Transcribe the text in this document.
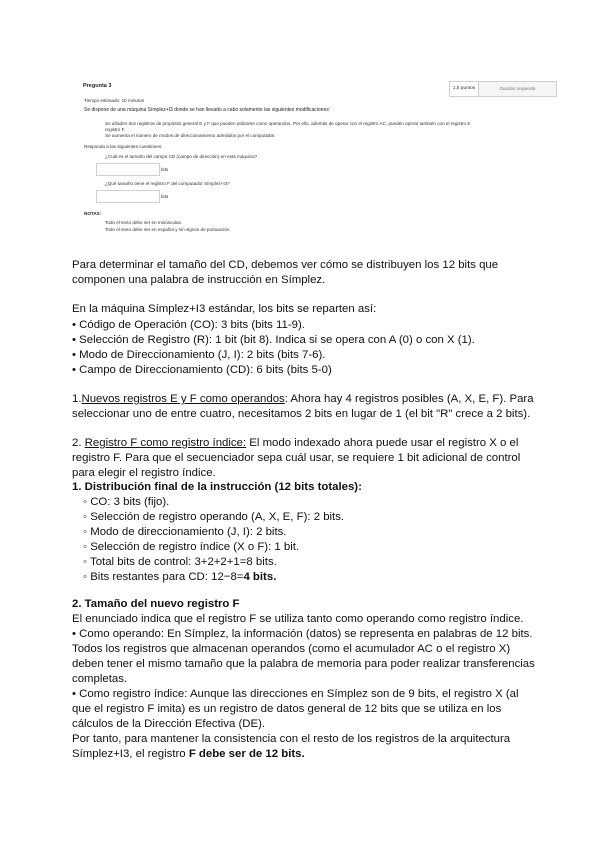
Pregunta 3	1,5 puntos	Guardar respuesta
Tiempo estimado: 10 minutos
Se dispone de una máquina Símplez+I3 donde se han llevado a cabo solamente las siguientes modificaciones:
Se añaden dos registros de propósito general E y F que pueden utilizarse como operandos. Por ello, además de operar con el registro AC, pueden operar también con el registro E
registro F.
Se aumenta el número de modos de direccionamiento admitidos por el computador.
Responda a las siguientes cuestiones:
¿Cuál es el tamaño del campo CD (campo de dirección) en esta máquina?
bits
¿Qué tamaño tiene el registro F del computador Símplez+I3?
bits
NOTAS:
Todo el texto debe ser en minúsculas.
Todo el texto debe ser en español y sin signos de puntuación.
Para determinar el tamaño del CD, debemos ver cómo se distribuyen los 12 bits que
componen una palabra de instrucción en Símplez.
En la máquina Símplez+I3 estándar, los bits se reparten así:
• Código de Operación (CO): 3 bits (bits 11-9).
• Selección de Registro (R): 1 bit (bit 8). Indica si se opera con A (0) o con X (1).
• Modo de Direccionamiento (J, I): 2 bits (bits 7-6).
• Campo de Direccionamiento (CD): 6 bits (bits 5-0)
1.Nuevos registros E y F como operandos: Ahora hay 4 registros posibles (A, X, E, F). Para
seleccionar uno de entre cuatro, necesitamos 2 bits en lugar de 1 (el bit "R" crece a 2 bits).
2. Registro F como registro índice: El modo indexado ahora puede usar el registro X o el
registro F. Para que el secuenciador sepa cuál usar, se requiere 1 bit adicional de control
para elegir el registro índice.
1. Distribución final de la instrucción (12 bits totales):
◦ CO: 3 bits (fijo).
◦ Selección de registro operando (A, X, E, F): 2 bits.
◦ Modo de direccionamiento (J, I): 2 bits.
◦ Selección de registro índice (X o F): 1 bit.
◦ Total bits de control: 3+2+2+1=8 bits.
◦ Bits restantes para CD: 12−8=4 bits.
2. Tamaño del nuevo registro F
El enunciado indica que el registro F se utiliza tanto como operando como registro índice.
• Como operando: En Símplez, la información (datos) se representa en palabras de 12 bits.
Todos los registros que almacenan operandos (como el acumulador AC o el registro X)
deben tener el mismo tamaño que la palabra de memoria para poder realizar transferencias
completas.
• Como registro índice: Aunque las direcciones en Símplez son de 9 bits, el registro X (al
que el registro F imita) es un registro de datos general de 12 bits que se utiliza en los
cálculos de la Dirección Efectiva (DE).
Por tanto, para mantener la consistencia con el resto de los registros de la arquitectura
Símplez+I3, el registro F debe ser de 12 bits.
